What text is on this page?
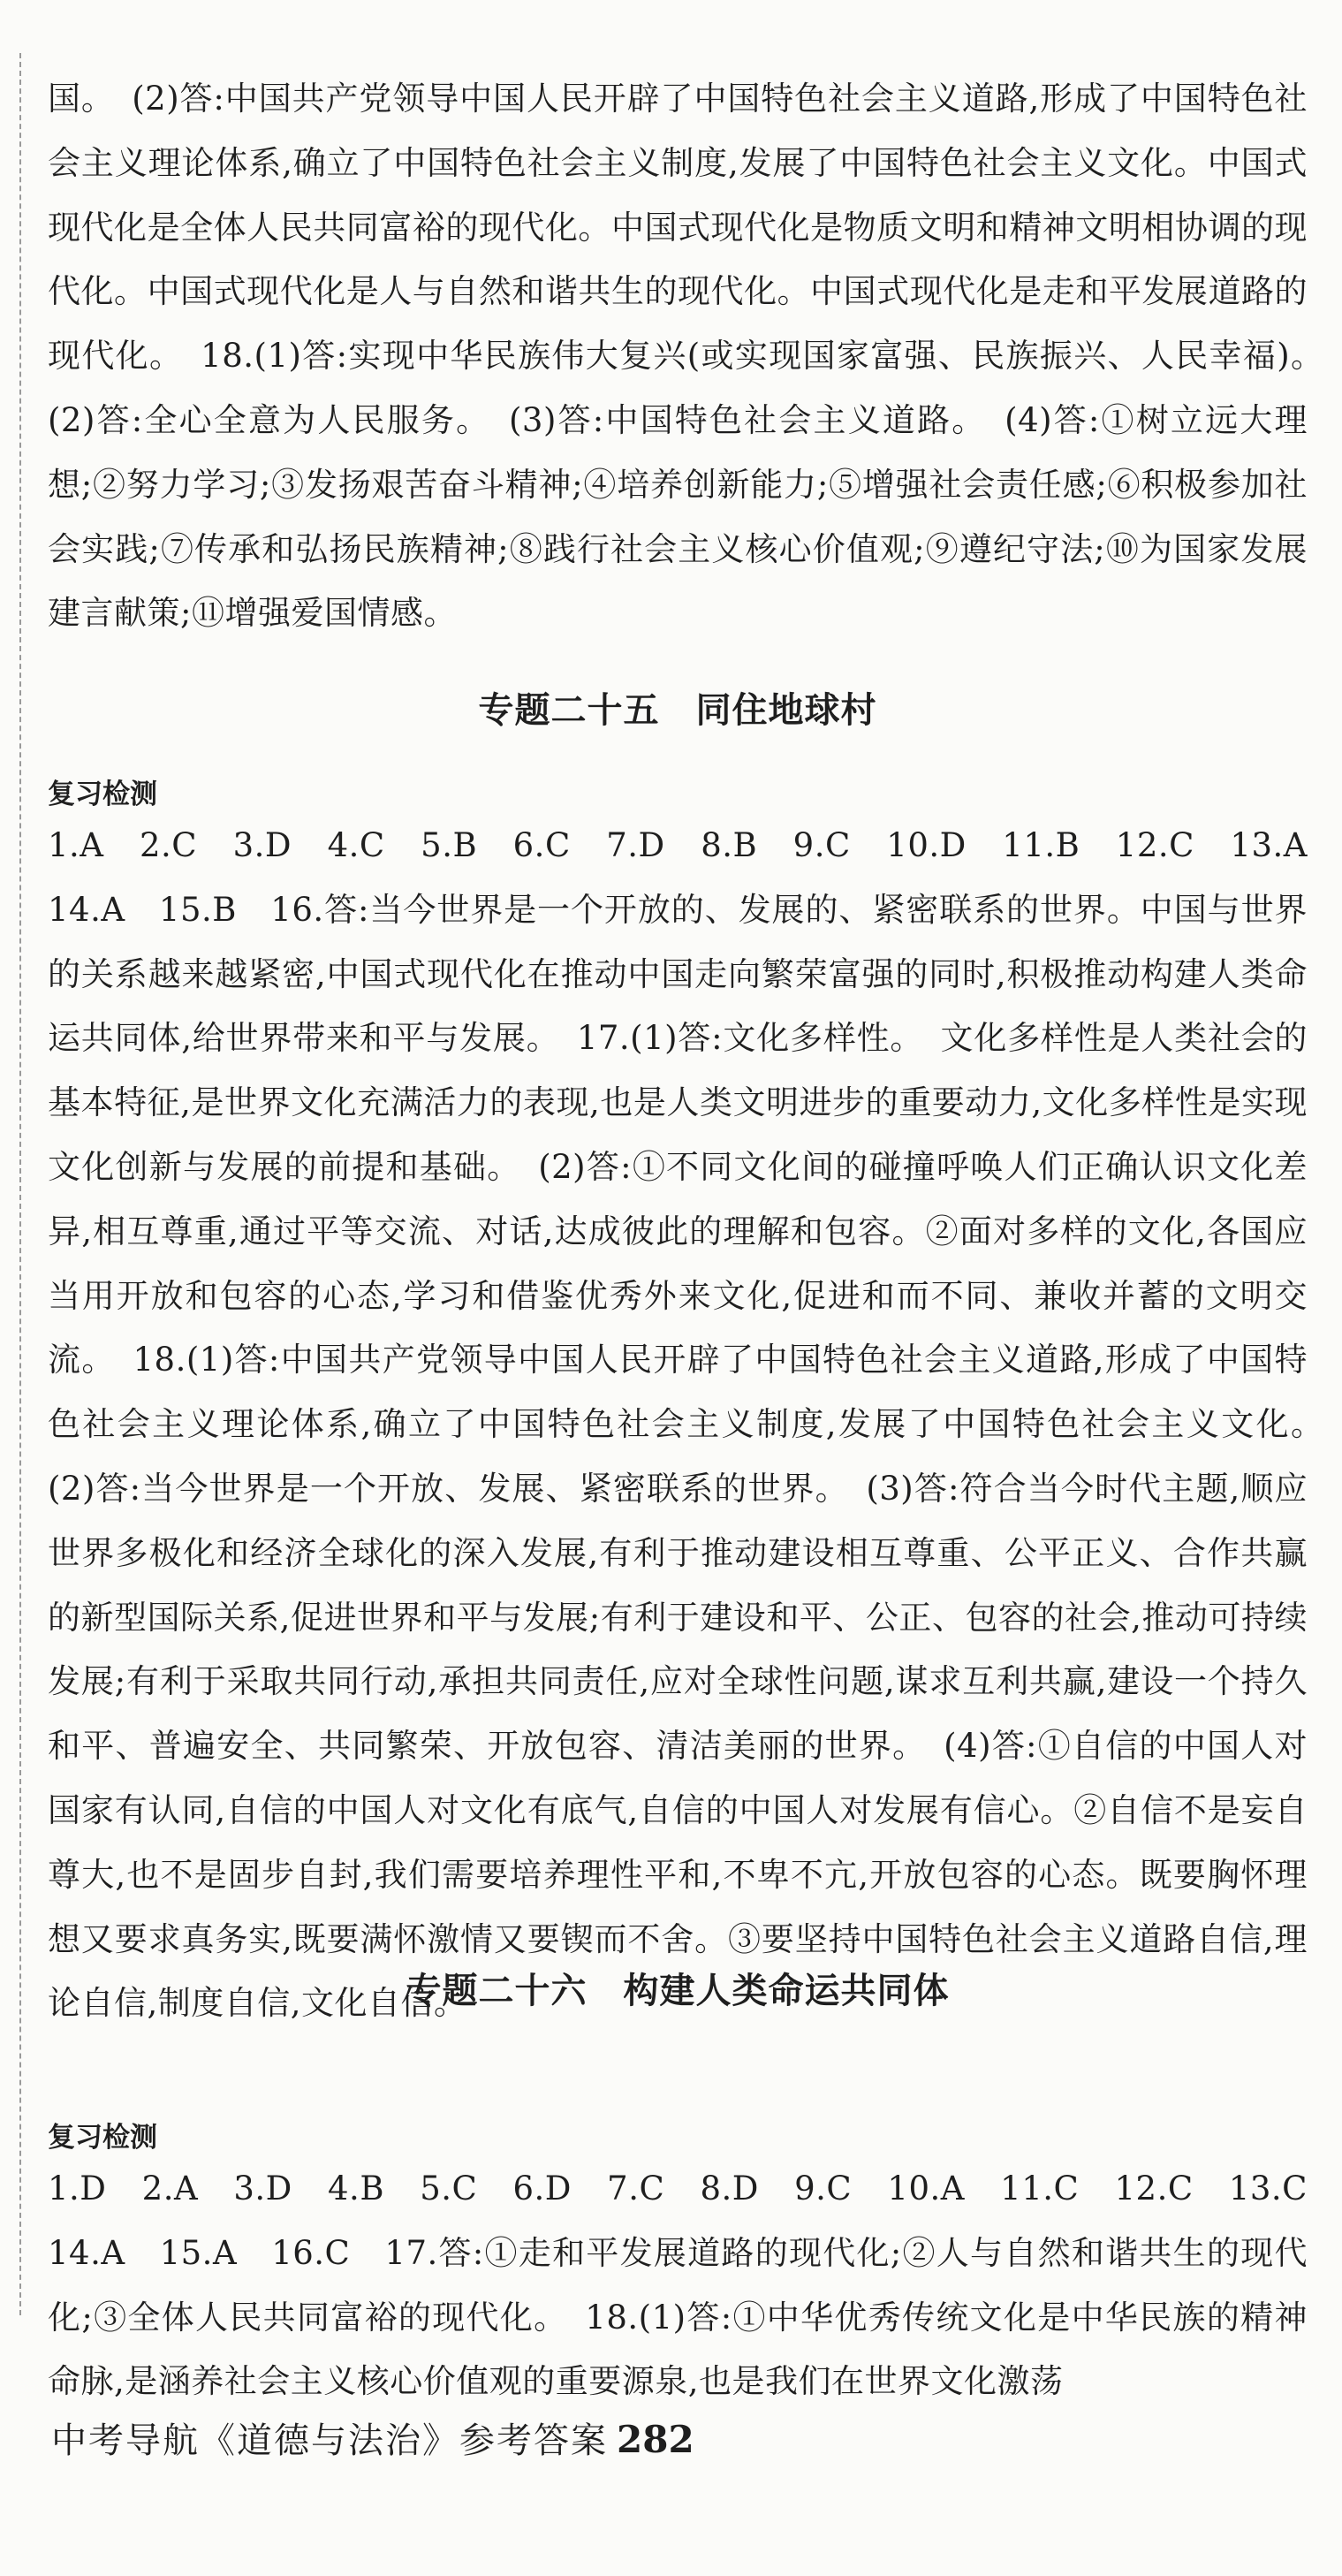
国。　(2)答:中国共产党领导中国人民开辟了中国特色社会主义道路,形成了中国特色社会主义理论体系,确立了中国特色社会主义制度,发展了中国特色社会主义文化。中国式现代化是全体人民共同富裕的现代化。中国式现代化是物质文明和精神文明相协调的现代化。中国式现代化是人与自然和谐共生的现代化。中国式现代化是走和平发展道路的现代化。　18.(1)答:实现中华民族伟大复兴(或实现国家富强、民族振兴、人民幸福)。　(2)答:全心全意为人民服务。　(3)答:中国特色社会主义道路。　(4)答:①树立远大理想;②努力学习;③发扬艰苦奋斗精神;④培养创新能力;⑤增强社会责任感;⑥积极参加社会实践;⑦传承和弘扬民族精神;⑧践行社会主义核心价值观;⑨遵纪守法;⑩为国家发展建言献策;⑪增强爱国情感。

专题二十五　同住地球村
复习检测

1.A　2.C　3.D　4.C　5.B　6.C　7.D　8.B　9.C　10.D　11.B　12.C　13.A　14.A　15.B　16.答:当今世界是一个开放的、发展的、紧密联系的世界。中国与世界的关系越来越紧密,中国式现代化在推动中国走向繁荣富强的同时,积极推动构建人类命运共同体,给世界带来和平与发展。　17.(1)答:文化多样性。　文化多样性是人类社会的基本特征,是世界文化充满活力的表现,也是人类文明进步的重要动力,文化多样性是实现文化创新与发展的前提和基础。　(2)答:①不同文化间的碰撞呼唤人们正确认识文化差异,相互尊重,通过平等交流、对话,达成彼此的理解和包容。②面对多样的文化,各国应当用开放和包容的心态,学习和借鉴优秀外来文化,促进和而不同、兼收并蓄的文明交流。　18.(1)答:中国共产党领导中国人民开辟了中国特色社会主义道路,形成了中国特色社会主义理论体系,确立了中国特色社会主义制度,发展了中国特色社会主义文化。　(2)答:当今世界是一个开放、发展、紧密联系的世界。　(3)答:符合当今时代主题,顺应世界多极化和经济全球化的深入发展,有利于推动建设相互尊重、公平正义、合作共赢的新型国际关系,促进世界和平与发展;有利于建设和平、公正、包容的社会,推动可持续发展;有利于采取共同行动,承担共同责任,应对全球性问题,谋求互利共赢,建设一个持久和平、普遍安全、共同繁荣、开放包容、清洁美丽的世界。　(4)答:①自信的中国人对国家有认同,自信的中国人对文化有底气,自信的中国人对发展有信心。②自信不是妄自尊大,也不是固步自封,我们需要培养理性平和,不卑不亢,开放包容的心态。既要胸怀理想又要求真务实,既要满怀激情又要锲而不舍。③要坚持中国特色社会主义道路自信,理论自信,制度自信,文化自信。

专题二十六　构建人类命运共同体
复习检测

1.D　2.A　3.D　4.B　5.C　6.D　7.C　8.D　9.C　10.A　11.C　12.C　13.C　14.A　15.A　16.C　17.答:①走和平发展道路的现代化;②人与自然和谐共生的现代化;③全体人民共同富裕的现代化。　18.(1)答:①中华优秀传统文化是中华民族的精神命脉,是涵养社会主义核心价值观的重要源泉,也是我们在世界文化激荡

中考导航《道德与法治》参考答案 282
